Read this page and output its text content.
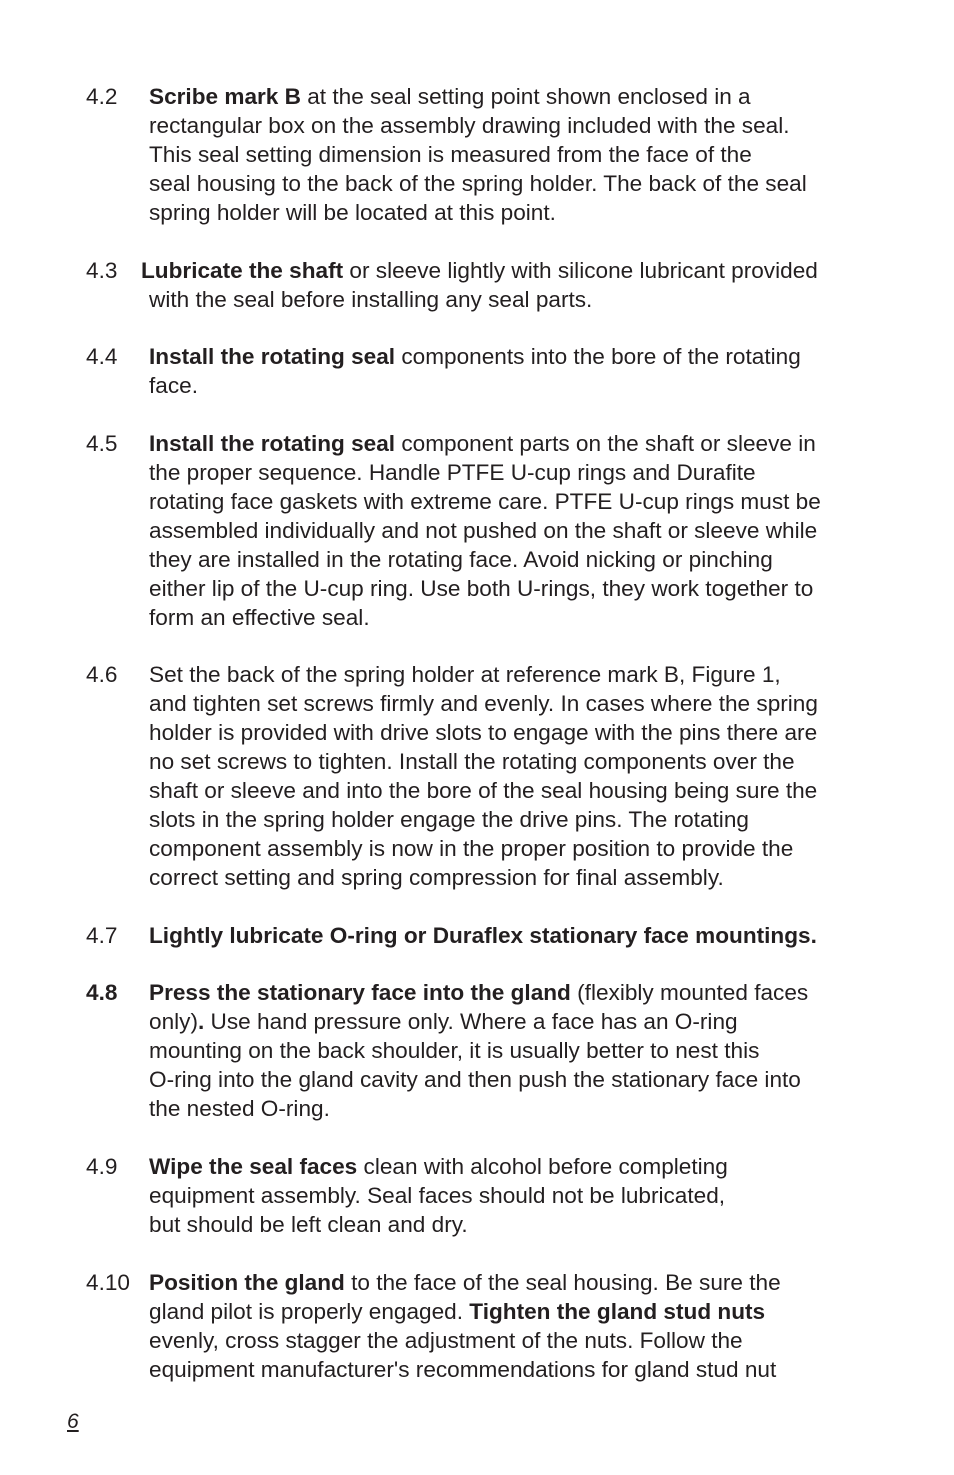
4.2 Scribe mark B at the seal setting point shown enclosed in a
rectangular box on the assembly drawing included with the seal.
This seal setting dimension is measured from the face of the
seal housing to the back of the spring holder. The back of the seal
spring holder will be located at this point.
4.3 Lubricate the shaft or sleeve lightly with silicone lubricant provided
with the seal before installing any seal parts.
4.4 Install the rotating seal components into the bore of the rotating
face.
4.5 Install the rotating seal component parts on the shaft or sleeve in
the proper sequence. Handle PTFE U-cup rings and Durafite
rotating face gaskets with extreme care. PTFE U-cup rings must be
assembled individually and not pushed on the shaft or sleeve while
they are installed in the rotating face. Avoid nicking or pinching
either lip of the U-cup ring. Use both U-rings, they work together to
form an effective seal.
4.6 Set the back of the spring holder at reference mark B, Figure 1,
and tighten set screws firmly and evenly. In cases where the spring
holder is provided with drive slots to engage with the pins there are
no set screws to tighten. Install the rotating components over the
shaft or sleeve and into the bore of the seal housing being sure the
slots in the spring holder engage the drive pins. The rotating
component assembly is now in the proper position to provide the
correct setting and spring compression for final assembly.
4.7 Lightly lubricate O-ring or Duraflex stationary face mountings.
4.8 Press the stationary face into the gland (flexibly mounted faces
only). Use hand pressure only. Where a face has an O-ring
mounting on the back shoulder, it is usually better to nest this
O-ring into the gland cavity and then push the stationary face into
the nested O-ring.
4.9 Wipe the seal faces clean with alcohol before completing
equipment assembly. Seal faces should not be lubricated,
but should be left clean and dry.
4.10 Position the gland to the face of the seal housing. Be sure the
gland pilot is properly engaged. Tighten the gland stud nuts
evenly, cross stagger the adjustment of the nuts. Follow the
equipment manufacturer's recommendations for gland stud nut
6
